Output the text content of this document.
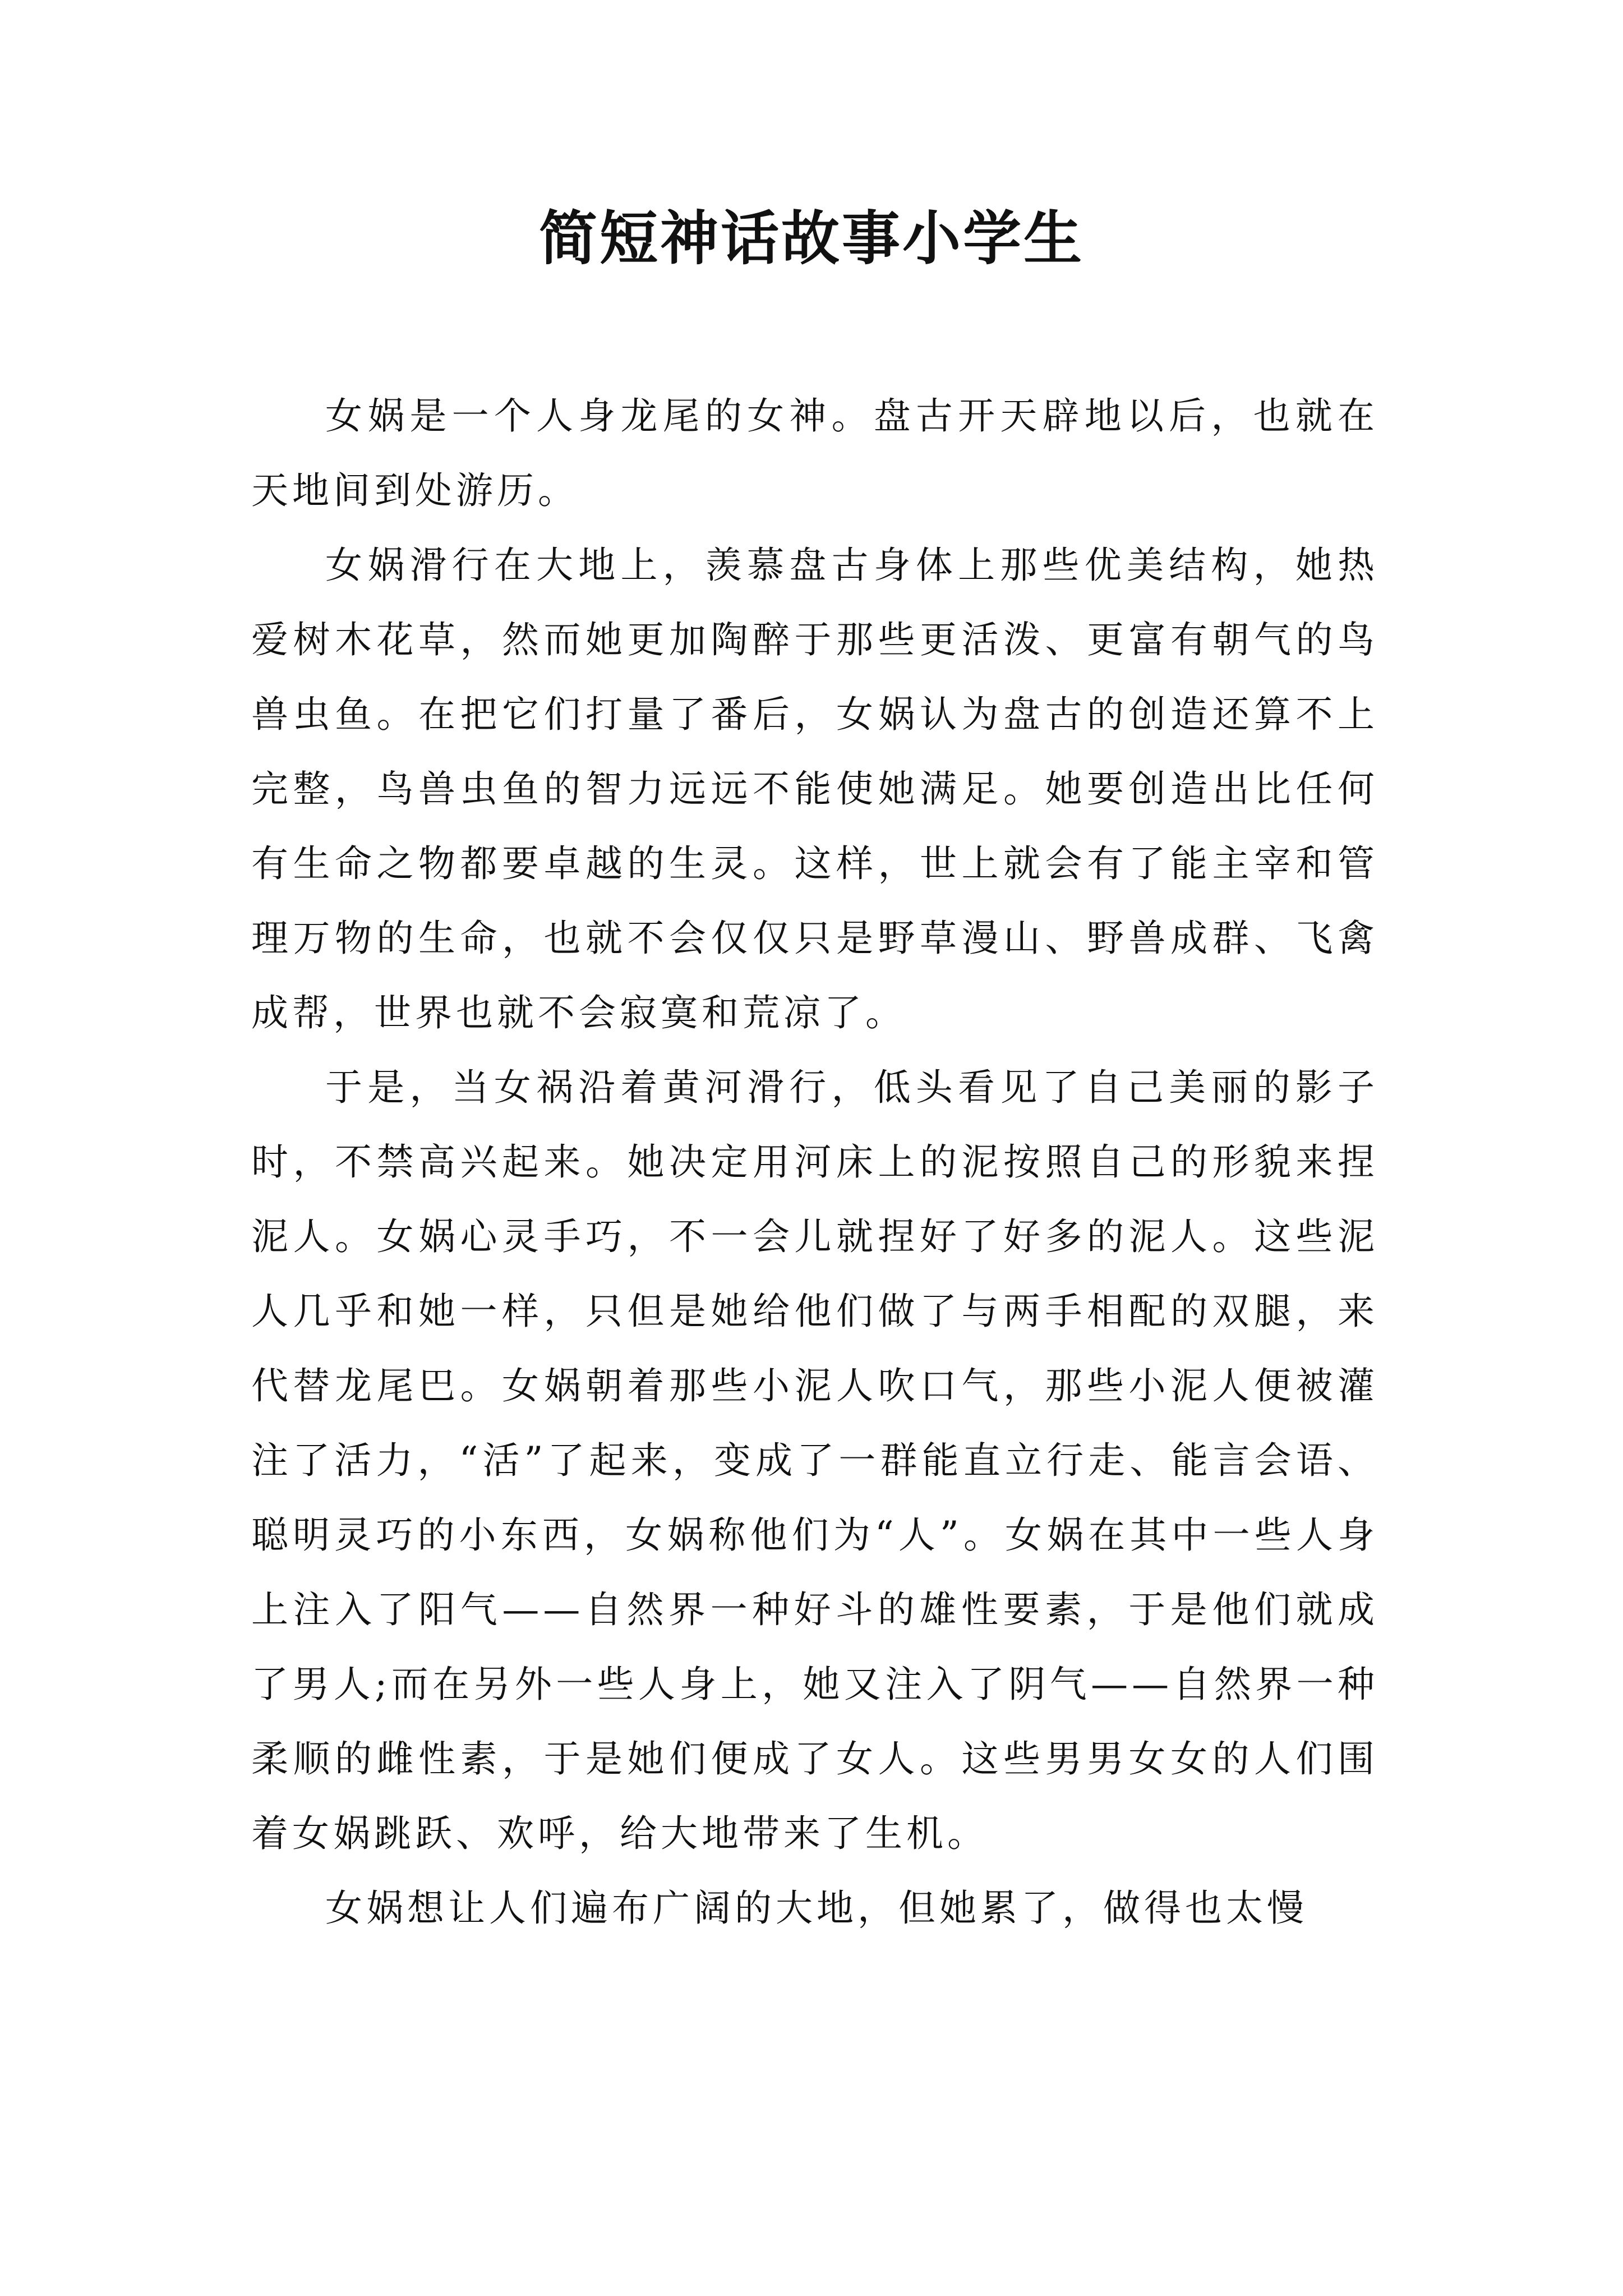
简短神话故事小学生

女娲是一个人身龙尾的女神。盘古开天辟地以后，也就在天地间到处游历。

女娲滑行在大地上，羡慕盘古身体上那些优美结构，她热爱树木花草，然而她更加陶醉于那些更活泼、更富有朝气的鸟兽虫鱼。在把它们打量了番后，女娲认为盘古的创造还算不上完整，鸟兽虫鱼的智力远远不能使她满足。她要创造出比任何有生命之物都要卓越的生灵。这样，世上就会有了能主宰和管理万物的生命，也就不会仅仅只是野草漫山、野兽成群、飞禽成帮，世界也就不会寂寞和荒凉了。

于是，当女祸沿着黄河滑行，低头看见了自己美丽的影子时，不禁高兴起来。她决定用河床上的泥按照自己的形貌来捏泥人。女娲心灵手巧，不一会儿就捏好了好多的泥人。这些泥人几乎和她一样，只但是她给他们做了与两手相配的双腿，来代替龙尾巴。女娲朝着那些小泥人吹口气，那些小泥人便被灌注了活力，“活”了起来，变成了一群能直立行走、能言会语、聪明灵巧的小东西，女娲称他们为“人”。女娲在其中一些人身上注入了阳气——自然界一种好斗的雄性要素，于是他们就成了男人;而在另外一些人身上，她又注入了阴气——自然界一种柔顺的雌性素，于是她们便成了女人。这些男男女女的人们围着女娲跳跃、欢呼，给大地带来了生机。

女娲想让人们遍布广阔的大地，但她累了，做得也太慢
